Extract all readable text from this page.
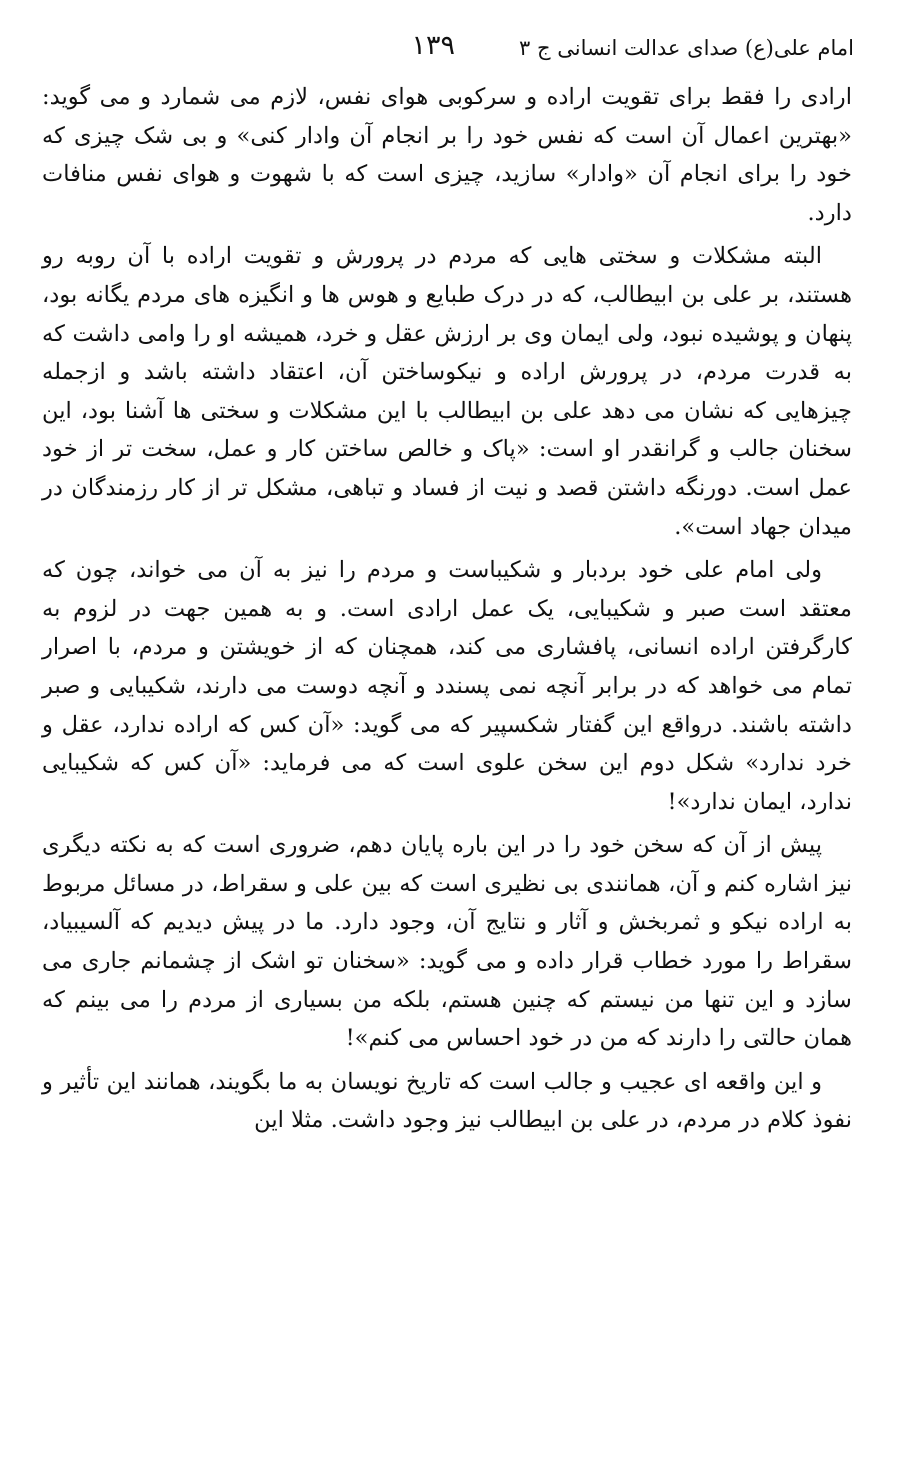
امام علی(ع) صدای عدالت انسانی ج ۳
۱۳۹

ارادی را فقط برای تقویت اراده و سرکوبی هوای نفس، لازم می شمارد و می گوید: «بهترین اعمال آن است که نفس خود را بر انجام آن وادار کنی» و بی شک چیزی که خود را برای انجام آن «وادار» سازید، چیزی است که با شهوت و هوای نفس منافات دارد.

البته مشکلات و سختی هایی که مردم در پرورش و تقویت اراده با آن روبه رو هستند، بر علی بن ابیطالب، که در درک طبایع و هوس ها و انگیزه های مردم یگانه بود، پنهان و پوشیده نبود، ولی ایمان وی بر ارزش عقل و خرد، همیشه او را وامی داشت که به قدرت مردم، در پرورش اراده و نیکوساختن آن، اعتقاد داشته باشد و ازجمله چیزهایی که نشان می دهد علی بن ابیطالب با این مشکلات و سختی ها آشنا بود، این سخنان جالب و گرانقدر او است: «پاک و خالص ساختن کار و عمل، سخت تر از خود عمل است. دورنگه داشتن قصد و نیت از فساد و تباهی، مشکل تر از کار رزمندگان در میدان جهاد است».

ولی امام علی خود بردبار و شکیباست و مردم را نیز به آن می خواند، چون که معتقد است صبر و شکیبایی، یک عمل ارادی است. و به همین جهت در لزوم به کارگرفتن اراده انسانی، پافشاری می کند، همچنان که از خویشتن و مردم، با اصرار تمام می خواهد که در برابر آنچه نمی پسندد و آنچه دوست می دارند، شکیبایی و صبر داشته باشند. درواقع این گفتار شکسپیر که می گوید: «آن کس که اراده ندارد، عقل و خرد ندارد» شکل دوم این سخن علوی است که می فرماید: «آن کس که شکیبایی ندارد، ایمان ندارد»!

پیش از آن که سخن خود را در این باره پایان دهم، ضروری است که به نکته دیگری نیز اشاره کنم و آن، همانندی بی نظیری است که بین علی و سقراط، در مسائل مربوط به اراده نیکو و ثمربخش و آثار و نتایج آن، وجود دارد. ما در پیش دیدیم که آلسیبیاد، سقراط را مورد خطاب قرار داده و می گوید: «سخنان تو اشک از چشمانم جاری می سازد و این تنها من نیستم که چنین هستم، بلکه من بسیاری از مردم را می بینم که همان حالتی را دارند که من در خود احساس می کنم»!

و این واقعه ای عجیب و جالب است که تاریخ نویسان به ما بگویند، همانند این تأثیر و نفوذ کلام در مردم، در علی بن ابیطالب نیز وجود داشت. مثلا این
